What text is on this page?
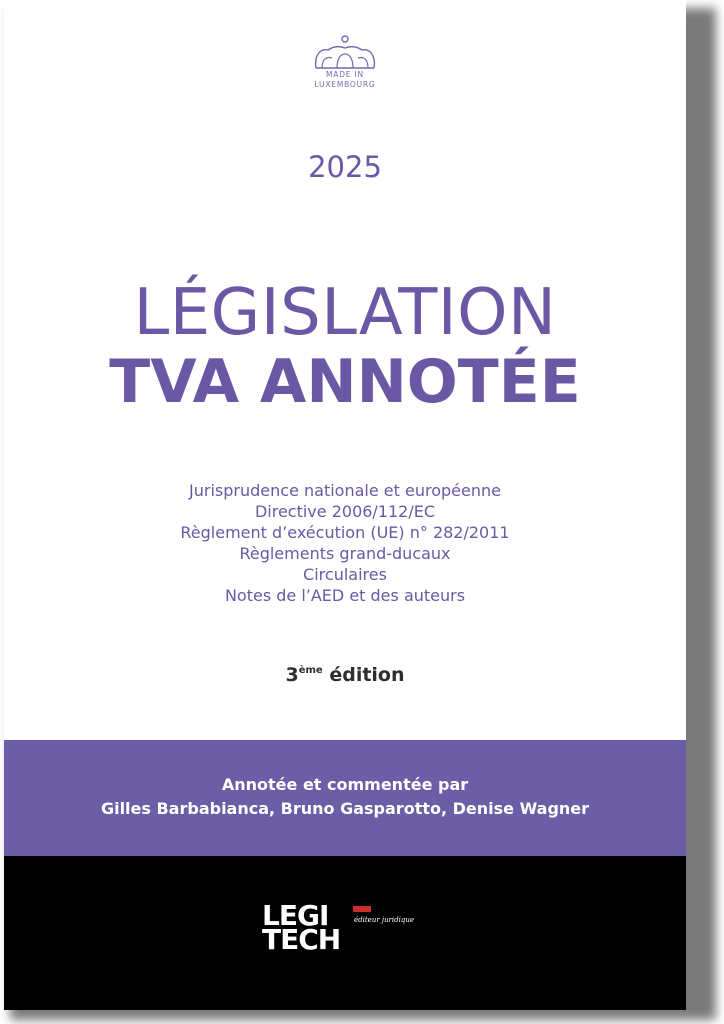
MADE IN
LUXEMBOURG
2025
LÉGISLATION
TVA ANNOTÉE
Jurisprudence nationale et européenne
Directive 2006/112/EC
Règlement d’exécution (UE) n° 282/2011
Règlements grand-ducaux
Circulaires
Notes de l’AED et des auteurs
3ème édition
Annotée et commentée par
Gilles Barbabianca, Bruno Gasparotto, Denise Wagner
LEGI
TECH
éditeur juridique
